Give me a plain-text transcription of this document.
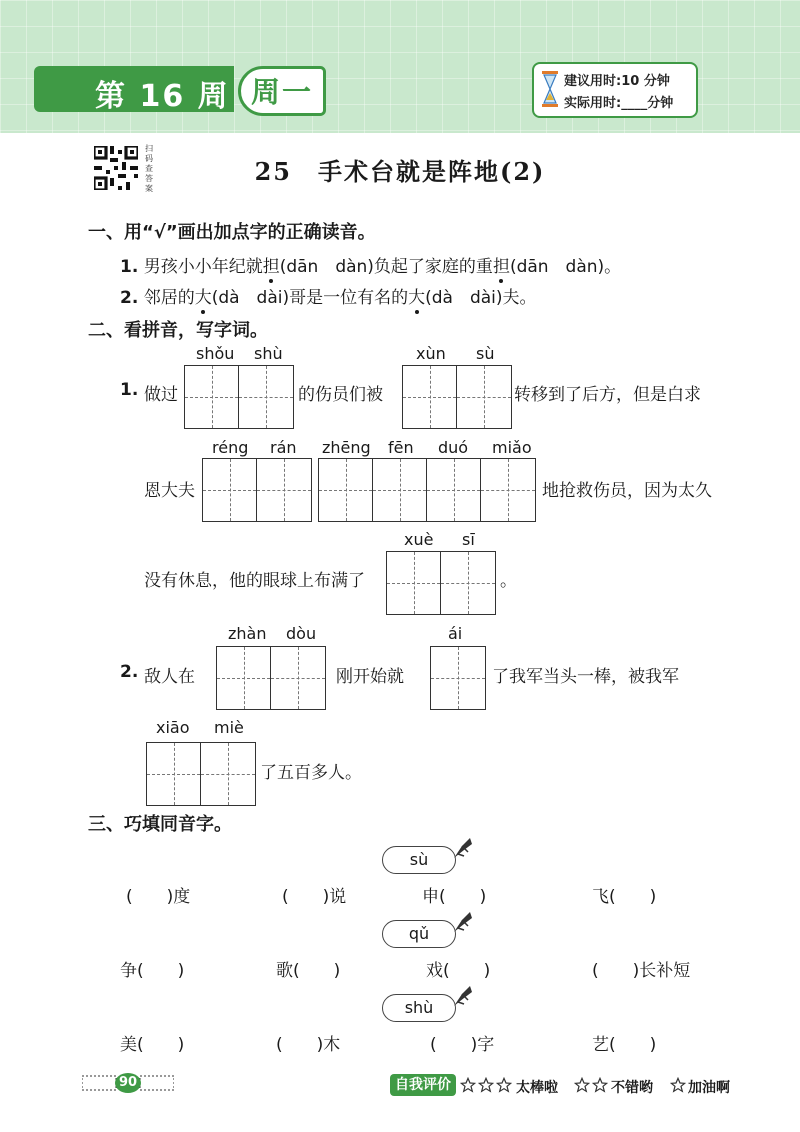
第 16 周 周一	建议用时:10 分钟
实际用时:____分钟
扫码查答案
25　手术台就是阵地(2)
一、用“√”画出加点字的正确读音。
1. 男孩小小年纪就担(dān　dàn)负起了家庭的重担(dān　dàn)。
2. 邻居的大(dà　dài)哥是一位有名的大(dà　dài)夫。
二、看拼音，写字词。
1. 做过
shǒu shù
的伤员们被
xùn sù
转移到了后方，但是白求
恩大夫
réng rán zhēng fēn duó miǎo
地抢救伤员，因为太久
没有休息，他的眼球上布满了
xuè sī
。
2. 敌人在
zhàn dòu
刚开始就
ái
了我军当头一棒，被我军
xiāo miè
了五百多人。
三、巧填同音字。
sù
(　　)度	(　　)说	申(　　)	飞(　　)
qǔ
争(　　)	歌(　　)	戏(　　)	(　　)长补短
shù
美(　　)	(　　)木	(　　)字	艺(　　)
90	自我评价	太棒啦	不错哟	加油啊
